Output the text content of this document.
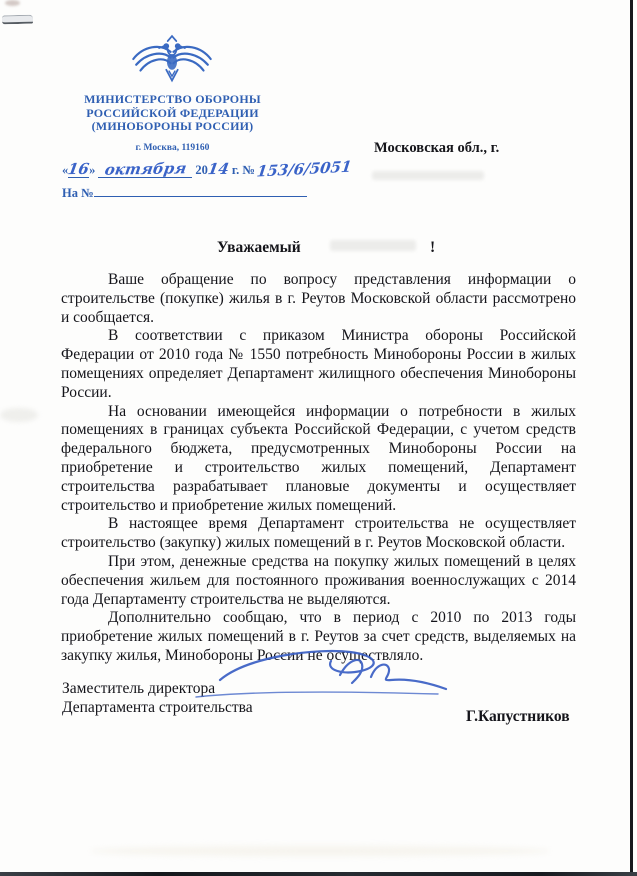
МИНИСТЕРСТВО ОБОРОНЫ
РОССИЙСКОЙ ФЕДЕРАЦИИ
(МИНОБОРОНЫ РОССИИ)
г. Москва, 119160
«16» октября 2014 г. №153/6/5051
На №
Московская обл., г.
Уважаемый	!

Ваше обращение по вопросу представления информации о строительстве (покупке) жилья в г. Реутов Московской области рассмотрено и сообщается.

В соответствии с приказом Министра обороны Российской Федерации от 2010 года № 1550 потребность Минобороны России в жилых помещениях определяет Департамент жилищного обеспечения Минобороны России.

На основании имеющейся информации о потребности в жилых помещениях в границах субъекта Российской Федерации, с учетом средств федерального бюджета, предусмотренных Минобороны России на приобретение и строительство жилых помещений, Департамент строительства разрабатывает плановые документы и осуществляет строительство и приобретение жилых помещений.

В настоящее время Департамент строительства не осуществляет строительство (закупку) жилых помещений в г. Реутов Московской области.

При этом, денежные средства на покупку жилых помещений в целях обеспечения жильем для постоянного проживания военнослужащих с 2014 года Департаменту строительства не выделяются.

Дополнительно сообщаю, что в период с 2010 по 2013 годы приобретение жилых помещений в г. Реутов за счет средств, выделяемых на закупку жилья, Минобороны России не осуществляло.

Заместитель директора
Департамента строительства
Г.Капустников
